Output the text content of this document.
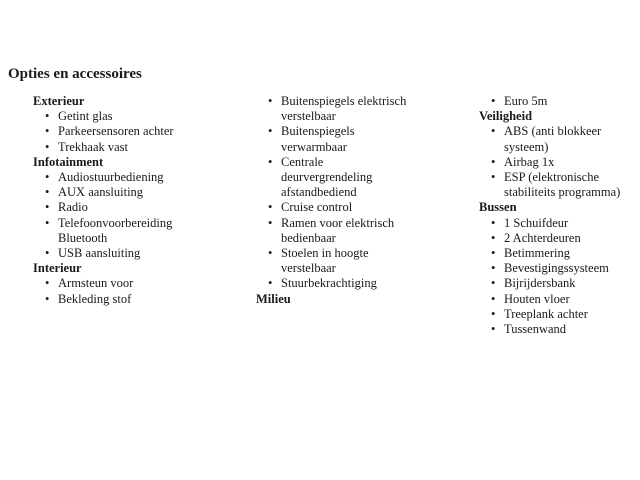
Opties en accessoires
Exterieur
• Getint glas
• Parkeersensoren achter
• Trekhaak vast
Infotainment
• Audiostuurbediening
• AUX aansluiting
• Radio
• Telefoonvoorbereiding Bluetooth
• USB aansluiting
Interieur
• Armsteun voor
• Bekleding stof
• Buitenspiegels elektrisch verstelbaar
• Buitenspiegels verwarmbaar
• Centrale deurvergrendeling afstandbediend
• Cruise control
• Ramen voor elektrisch bedienbaar
• Stoelen in hoogte verstelbaar
• Stuurbekrachtiging
Milieu
• Euro 5m
Veiligheid
• ABS (anti blokkeer systeem)
• Airbag 1x
• ESP (elektronische stabiliteits programma)
Bussen
• 1 Schuifdeur
• 2 Achterdeuren
• Betimmering
• Bevestigingssysteem
• Bijrijdersbank
• Houten vloer
• Treeplank achter
• Tussenwand
